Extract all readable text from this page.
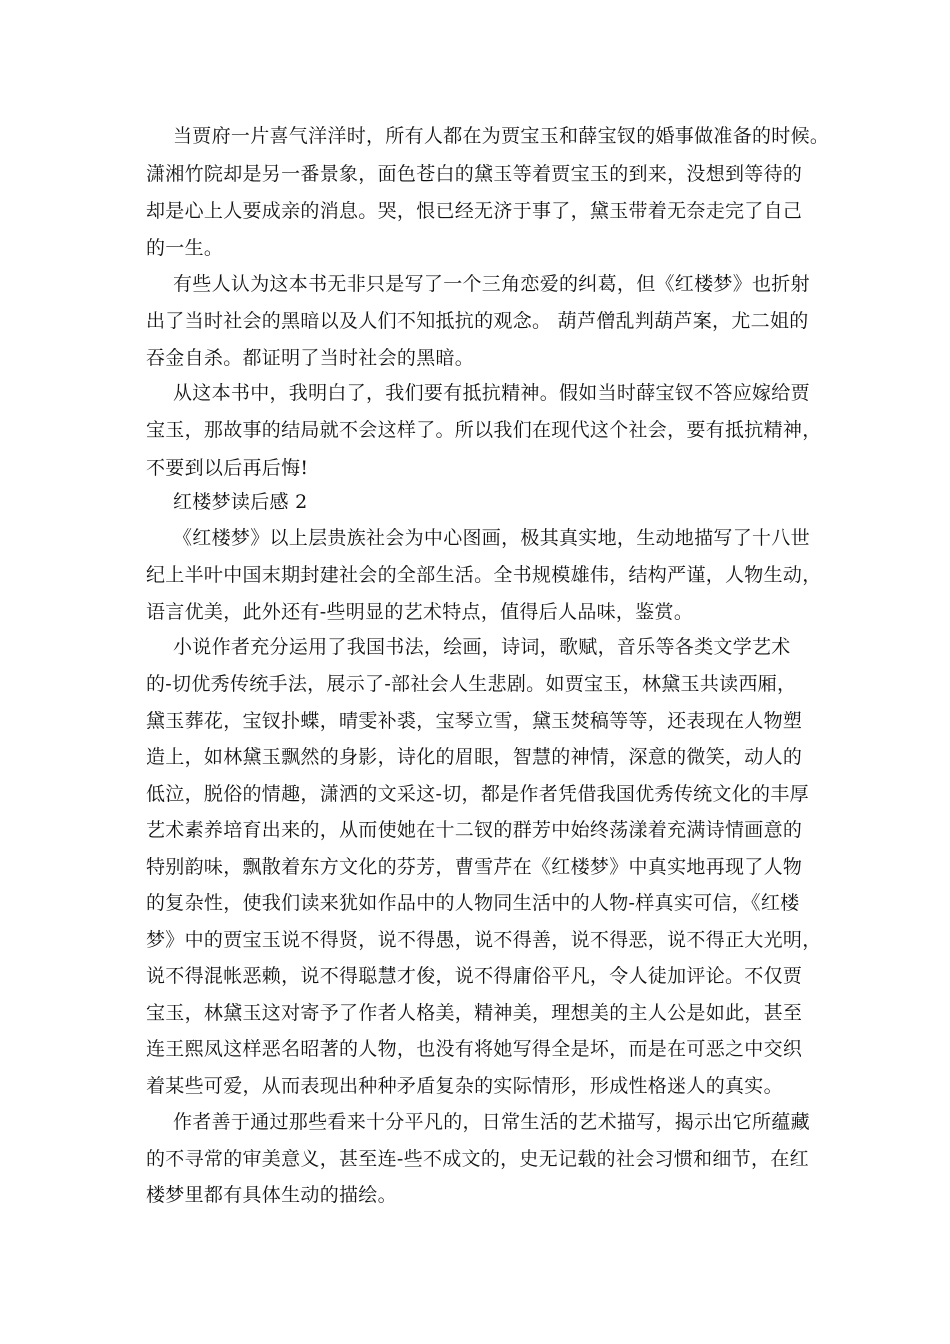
当贾府一片喜气洋洋时，所有人都在为贾宝玉和薛宝钗的婚事做准备的时候。
潇湘竹院却是另一番景象，面色苍白的黛玉等着贾宝玉的到来，没想到等待的
却是心上人要成亲的消息。哭，恨已经无济于事了，黛玉带着无奈走完了自己
的一生。
有些人认为这本书无非只是写了一个三角恋爱的纠葛，但《红楼梦》也折射
出了当时社会的黑暗以及人们不知抵抗的观念。 葫芦僧乱判葫芦案，尤二姐的
吞金自杀。都证明了当时社会的黑暗。
从这本书中，我明白了，我们要有抵抗精神。假如当时薛宝钗不答应嫁给贾
宝玉，那故事的结局就不会这样了。所以我们在现代这个社会，要有抵抗精神，
不要到以后再后悔!
红楼梦读后感 2
《红楼梦》以上层贵族社会为中心图画，极其真实地，生动地描写了十八世
纪上半叶中国末期封建社会的全部生活。全书规模雄伟，结构严谨，人物生动，
语言优美，此外还有-些明显的艺术特点，值得后人品味，鉴赏。
小说作者充分运用了我国书法，绘画，诗词，歌赋，音乐等各类文学艺术
的-切优秀传统手法，展示了-部社会人生悲剧。如贾宝玉，林黛玉共读西厢，
黛玉葬花，宝钗扑蝶，晴雯补裘，宝琴立雪，黛玉焚稿等等，还表现在人物塑
造上，如林黛玉飘然的身影，诗化的眉眼，智慧的神情，深意的微笑，动人的
低泣，脱俗的情趣，潇洒的文采这-切，都是作者凭借我国优秀传统文化的丰厚
艺术素养培育出来的，从而使她在十二钗的群芳中始终荡漾着充满诗情画意的
特别韵味，飘散着东方文化的芬芳，曹雪芹在《红楼梦》中真实地再现了人物
的复杂性，使我们读来犹如作品中的人物同生活中的人物-样真实可信，《红楼
梦》中的贾宝玉说不得贤，说不得愚，说不得善，说不得恶，说不得正大光明，
说不得混帐恶赖，说不得聪慧才俊，说不得庸俗平凡，令人徒加评论。不仅贾
宝玉，林黛玉这对寄予了作者人格美，精神美，理想美的主人公是如此，甚至
连王熙凤这样恶名昭著的人物，也没有将她写得全是坏，而是在可恶之中交织
着某些可爱，从而表现出种种矛盾复杂的实际情形，形成性格迷人的真实。
作者善于通过那些看来十分平凡的，日常生活的艺术描写，揭示出它所蕴藏
的不寻常的审美意义，甚至连-些不成文的，史无记载的社会习惯和细节，在红
楼梦里都有具体生动的描绘。
